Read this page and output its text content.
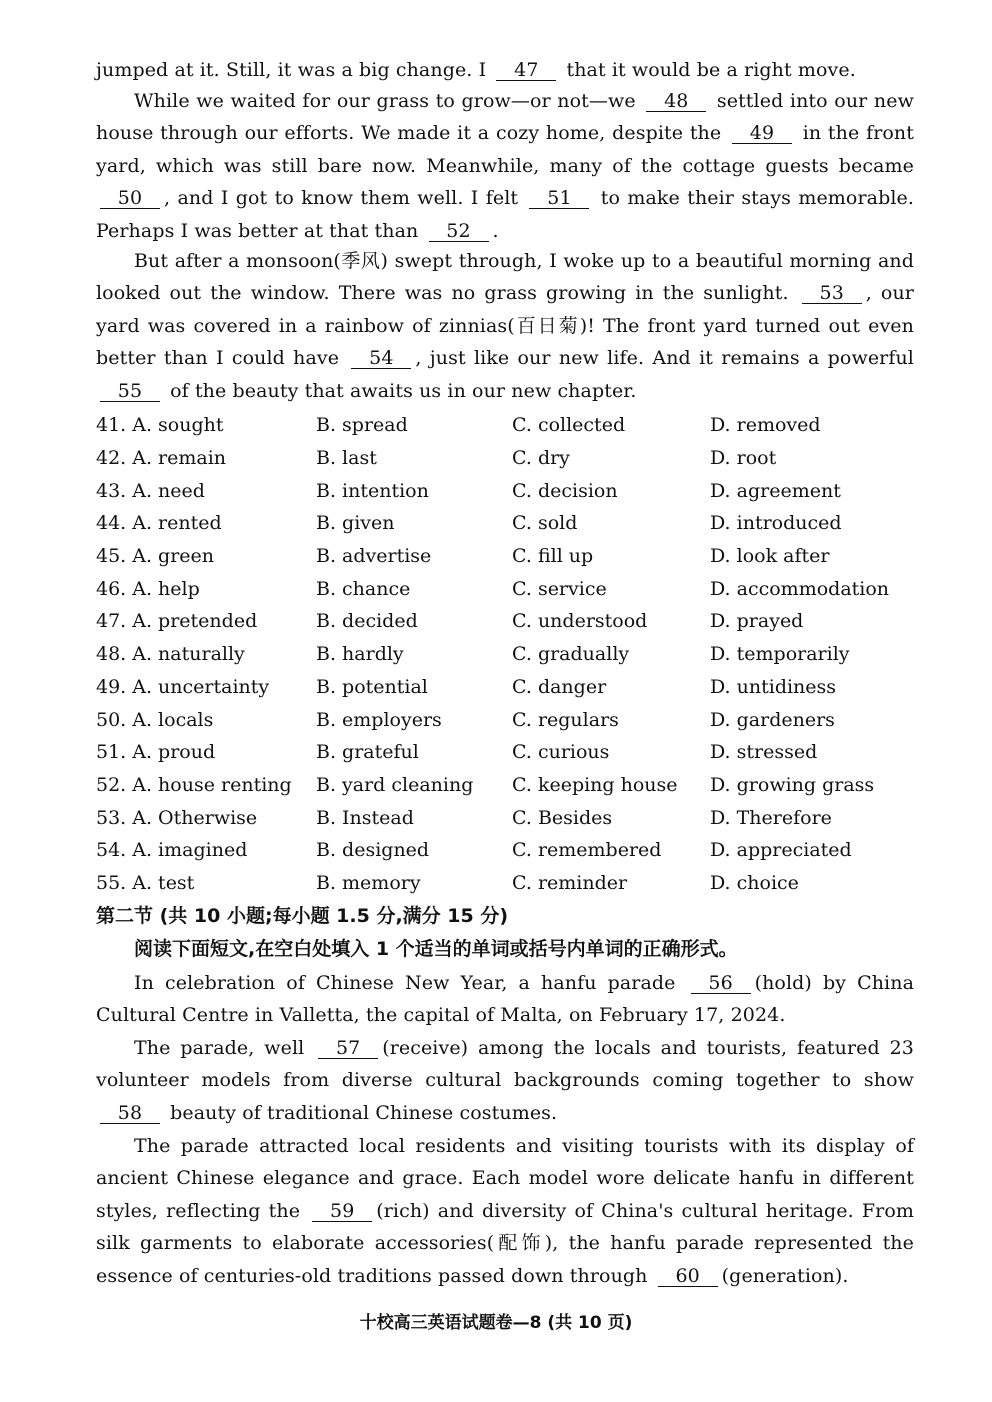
jumped at it. Still, it was a big change. I 47 that it would be a right move.
While we waited for our grass to grow—or not—we 48 settled into our new house through our efforts. We made it a cozy home, despite the 49 in the front yard, which was still bare now. Meanwhile, many of the cottage guests became 50 , and I got to know them well. I felt 51 to make their stays memorable. Perhaps I was better at that than 52 .
But after a monsoon(季风) swept through, I woke up to a beautiful morning and looked out the window. There was no grass growing in the sunlight. 53 , our yard was covered in a rainbow of zinnias(百日菊)! The front yard turned out even better than I could have 54 , just like our new life. And it remains a powerful 55 of the beauty that awaits us in our new chapter.
41. A. sought	B. spread	C. collected	D. removed
42. A. remain	B. last	C. dry	D. root
43. A. need	B. intention	C. decision	D. agreement
44. A. rented	B. given	C. sold	D. introduced
45. A. green	B. advertise	C. fill up	D. look after
46. A. help	B. chance	C. service	D. accommodation
47. A. pretended	B. decided	C. understood	D. prayed
48. A. naturally	B. hardly	C. gradually	D. temporarily
49. A. uncertainty	B. potential	C. danger	D. untidiness
50. A. locals	B. employers	C. regulars	D. gardeners
51. A. proud	B. grateful	C. curious	D. stressed
52. A. house renting	B. yard cleaning	C. keeping house	D. growing grass
53. A. Otherwise	B. Instead	C. Besides	D. Therefore
54. A. imagined	B. designed	C. remembered	D. appreciated
55. A. test	B. memory	C. reminder	D. choice
第二节 (共 10 小题;每小题 1.5 分,满分 15 分)
阅读下面短文,在空白处填入 1 个适当的单词或括号内单词的正确形式。
In celebration of Chinese New Year, a hanfu parade 56 (hold) by China Cultural Centre in Valletta, the capital of Malta, on February 17, 2024.
The parade, well 57 (receive) among the locals and tourists, featured 23 volunteer models from diverse cultural backgrounds coming together to show 58 beauty of traditional Chinese costumes.
The parade attracted local residents and visiting tourists with its display of ancient Chinese elegance and grace. Each model wore delicate hanfu in different styles, reflecting the 59 (rich) and diversity of China's cultural heritage. From silk garments to elaborate accessories(配饰), the hanfu parade represented the essence of centuries-old traditions passed down through 60 (generation).
十校高三英语试题卷—8 (共 10 页)
